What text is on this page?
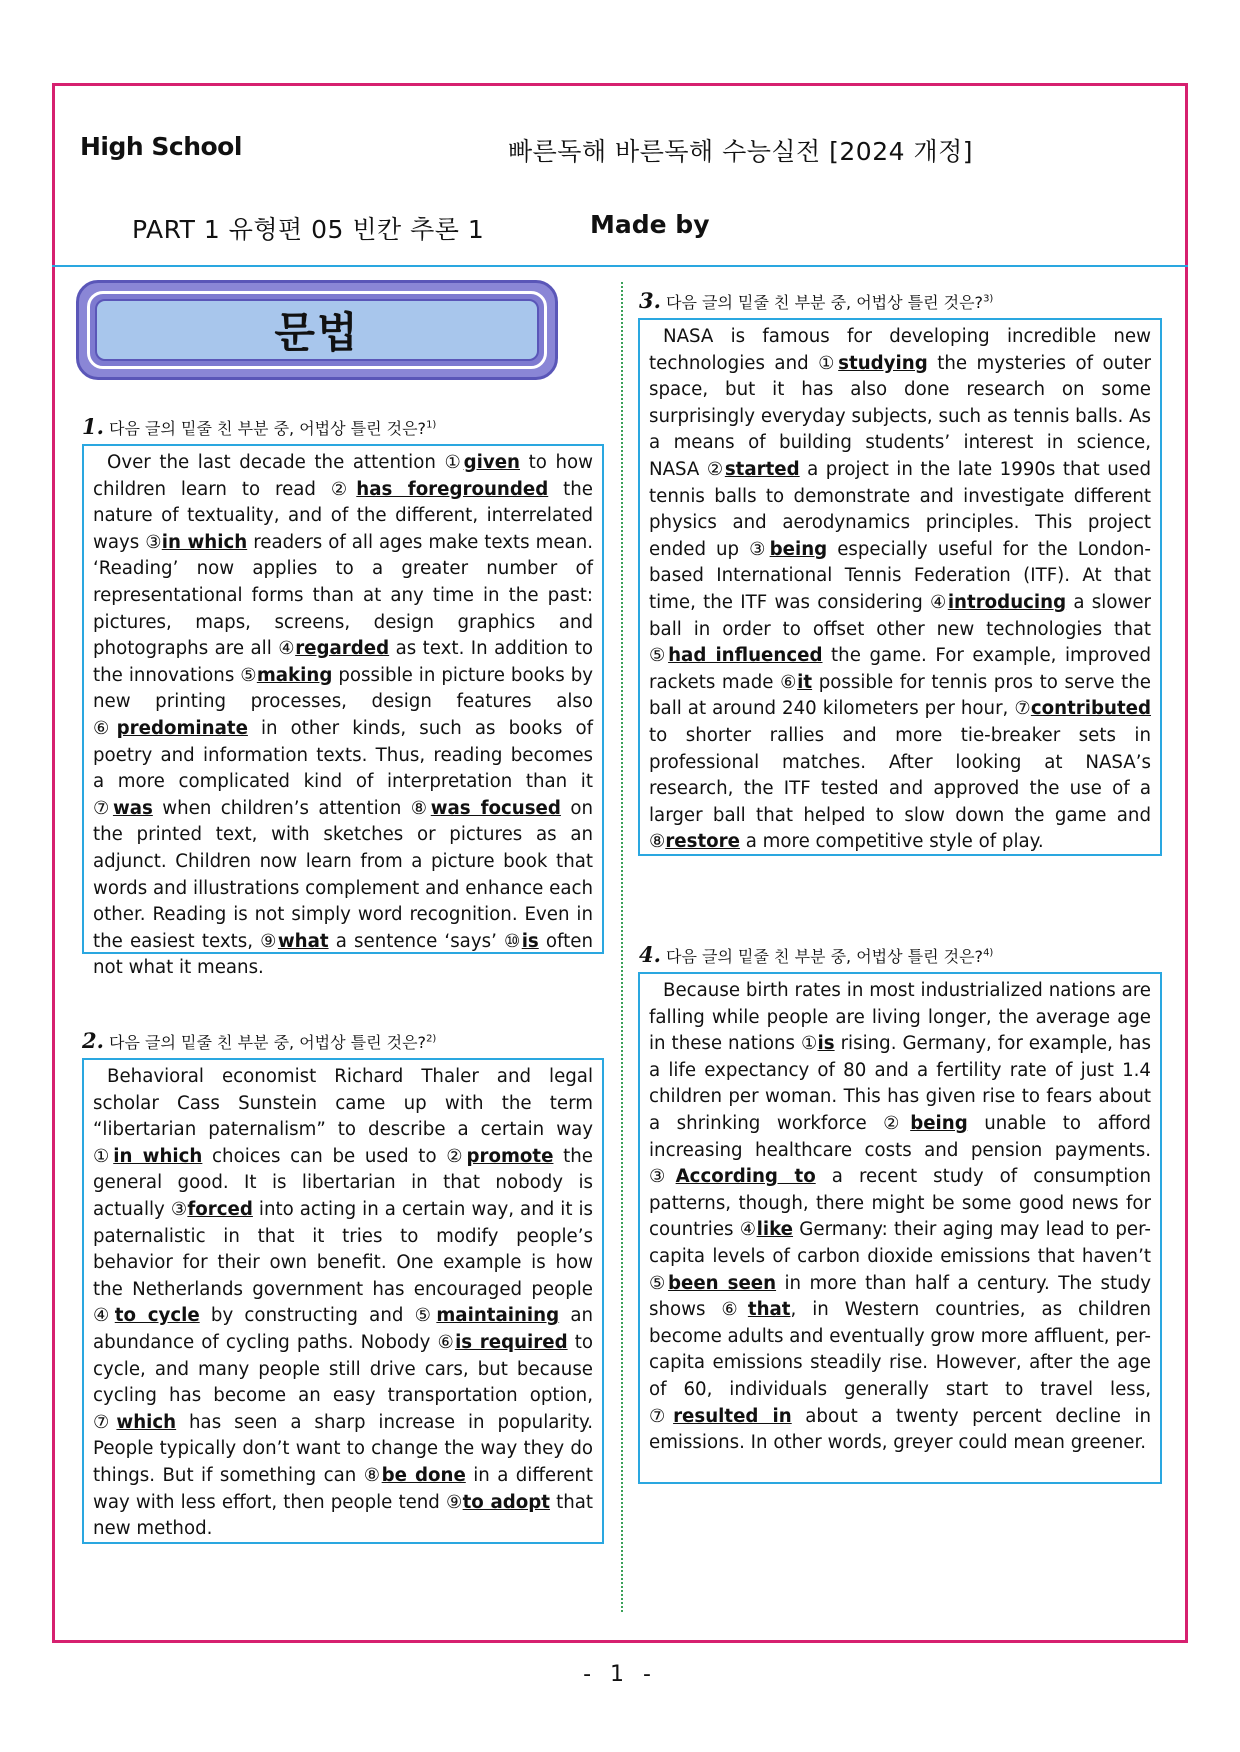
High School	빠른독해 바른독해 수능실전 [2024 개정]
PART 1 유형편 05 빈칸 추론 1	Made by
문법
1. 다음 글의 밑줄 친 부분 중, 어법상 틀린 것은?$^{1)}$

Over the last decade the attention ①given to how children learn to read ②has foregrounded the nature of textuality, and of the different, interrelated ways ③in which readers of all ages make texts mean. ‘Reading’ now applies to a greater number of representational forms than at any time in the past: pictures, maps, screens, design graphics and photographs are all ④regarded as text. In addition to the innovations ⑤making possible in picture books by new printing processes, design features also ⑥predominate in other kinds, such as books of poetry and information texts. Thus, reading becomes a more complicated kind of interpretation than it ⑦was when children’s attention ⑧was focused on the printed text, with sketches or pictures as an adjunct. Children now learn from a picture book that words and illustrations complement and enhance each other. Reading is not simply word recognition. Even in the easiest texts, ⑨what a sentence ‘says’ ⑩is often not what it means.

2. 다음 글의 밑줄 친 부분 중, 어법상 틀린 것은?$^{2)}$

Behavioral economist Richard Thaler and legal scholar Cass Sunstein came up with the term “libertarian paternalism” to describe a certain way ①in which choices can be used to ②promote the general good. It is libertarian in that nobody is actually ③forced into acting in a certain way, and it is paternalistic in that it tries to modify people’s behavior for their own benefit. One example is how the Netherlands government has encouraged people ④to cycle by constructing and ⑤maintaining an abundance of cycling paths. Nobody ⑥is required to cycle, and many people still drive cars, but because cycling has become an easy transportation option, ⑦which has seen a sharp increase in popularity. People typically don’t want to change the way they do things. But if something can ⑧be done in a different way with less effort, then people tend ⑨to adopt that new method.

3. 다음 글의 밑줄 친 부분 중, 어법상 틀린 것은?$^{3)}$

NASA is famous for developing incredible new technologies and ①studying the mysteries of outer space, but it has also done research on some surprisingly everyday subjects, such as tennis balls. As a means of building students’ interest in science, NASA ②started a project in the late 1990s that used tennis balls to demonstrate and investigate different physics and aerodynamics principles. This project ended up ③being especially useful for the London-based International Tennis Federation (ITF). At that time, the ITF was considering ④introducing a slower ball in order to offset other new technologies that ⑤had influenced the game. For example, improved rackets made ⑥it possible for tennis pros to serve the ball at around 240 kilometers per hour, ⑦contributed to shorter rallies and more tie-breaker sets in professional matches. After looking at NASA’s research, the ITF tested and approved the use of a larger ball that helped to slow down the game and ⑧restore a more competitive style of play.

4. 다음 글의 밑줄 친 부분 중, 어법상 틀린 것은?$^{4)}$

Because birth rates in most industrialized nations are falling while people are living longer, the average age in these nations ①is rising. Germany, for example, has a life expectancy of 80 and a fertility rate of just 1.4 children per woman. This has given rise to fears about a shrinking workforce ②being unable to afford increasing healthcare costs and pension payments. ③According to a recent study of consumption patterns, though, there might be some good news for countries ④like Germany: their aging may lead to per-capita levels of carbon dioxide emissions that haven’t ⑤been seen in more than half a century. The study shows ⑥that, in Western countries, as children become adults and eventually grow more affluent, per-capita emissions steadily rise. However, after the age of 60, individuals generally start to travel less, ⑦resulted in about a twenty percent decline in emissions. In other words, greyer could mean greener.

- 1 -
